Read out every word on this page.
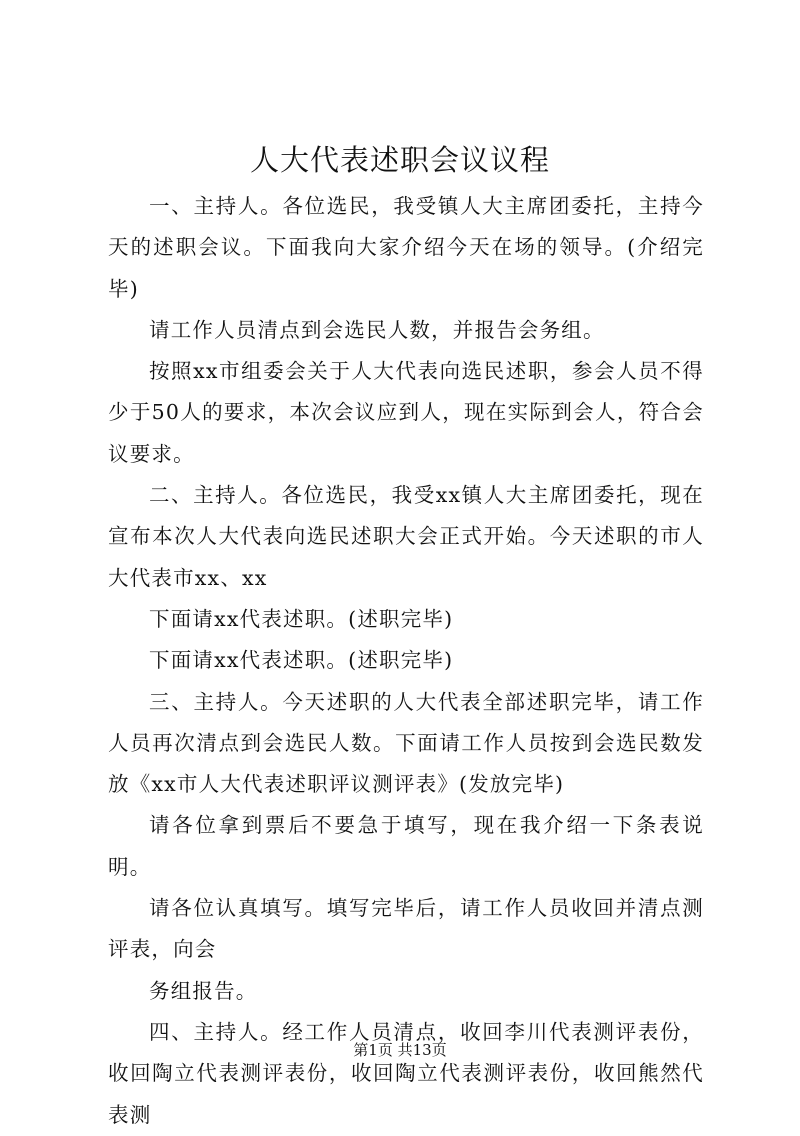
人大代表述职会议议程

一、主持人。各位选民，我受镇人大主席团委托，主持今天的述职会议。下面我向大家介绍今天在场的领导。(介绍完毕)

请工作人员清点到会选民人数，并报告会务组。

按照xx市组委会关于人大代表向选民述职，参会人员不得少于50人的要求，本次会议应到人，现在实际到会人，符合会议要求。

二、主持人。各位选民，我受xx镇人大主席团委托，现在宣布本次人大代表向选民述职大会正式开始。今天述职的市人大代表市xx、xx

下面请xx代表述职。(述职完毕)

下面请xx代表述职。(述职完毕)

三、主持人。今天述职的人大代表全部述职完毕，请工作人员再次清点到会选民人数。下面请工作人员按到会选民数发放《xx市人大代表述职评议测评表》(发放完毕)

请各位拿到票后不要急于填写，现在我介绍一下条表说明。

请各位认真填写。填写完毕后，请工作人员收回并清点测评表，向会

务组报告。

四、主持人。经工作人员清点，收回李川代表测评表份，收回陶立代表测评表份，收回陶立代表测评表份，收回熊然代表测

第1页 共13页
